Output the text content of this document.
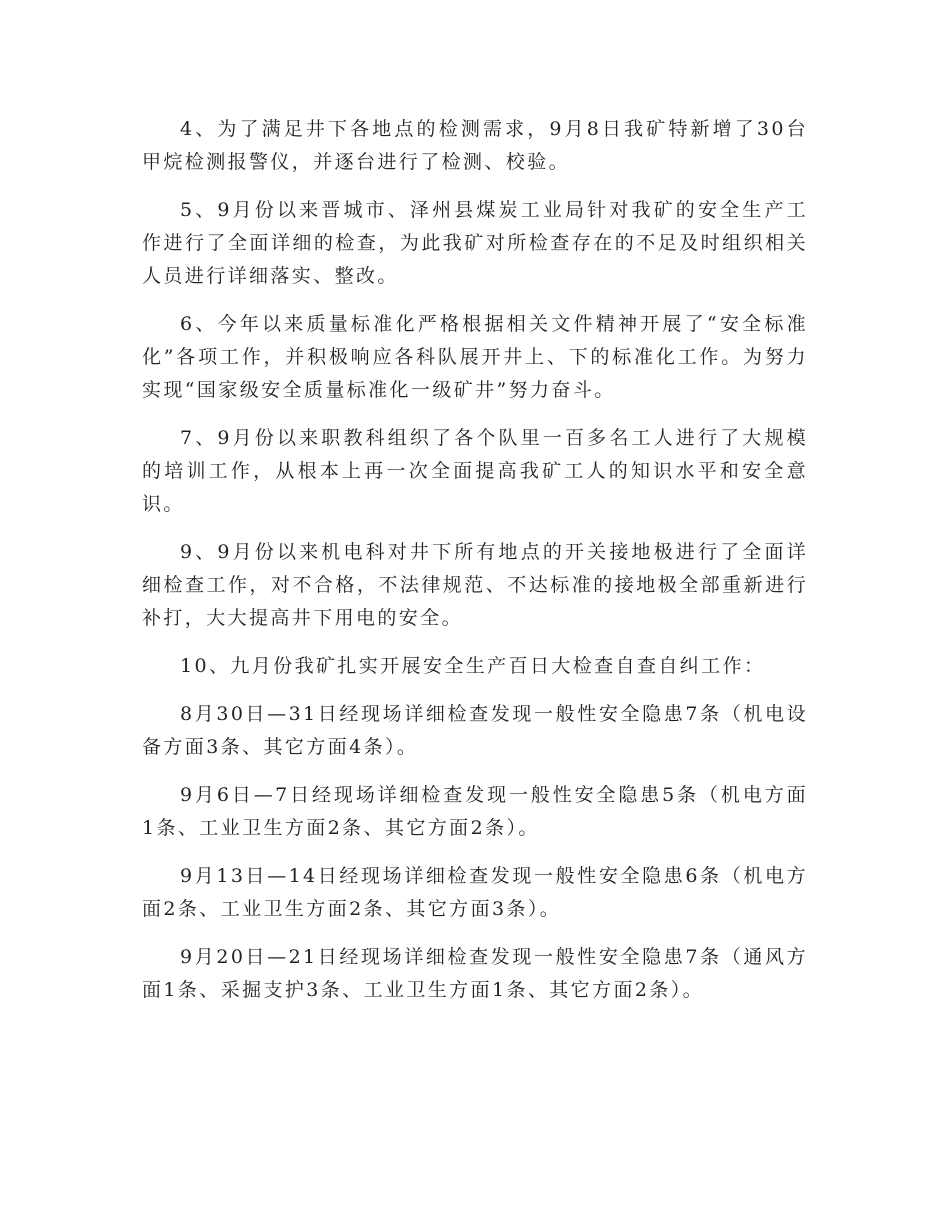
4、为了满足井下各地点的检测需求，9月8日我矿特新增了30台甲烷检测报警仪，并逐台进行了检测、校验。

5、9月份以来晋城市、泽州县煤炭工业局针对我矿的安全生产工作进行了全面详细的检查，为此我矿对所检查存在的不足及时组织相关人员进行详细落实、整改。

6、今年以来质量标准化严格根据相关文件精神开展了“安全标准化”各项工作，并积极响应各科队展开井上、下的标准化工作。为努力实现“国家级安全质量标准化一级矿井”努力奋斗。

7、9月份以来职教科组织了各个队里一百多名工人进行了大规模的培训工作，从根本上再一次全面提高我矿工人的知识水平和安全意识。

9、9月份以来机电科对井下所有地点的开关接地极进行了全面详细检查工作，对不合格，不法律规范、不达标准的接地极全部重新进行补打，大大提高井下用电的安全。

10、九月份我矿扎实开展安全生产百日大检查自查自纠工作：

8月30日—31日经现场详细检查发现一般性安全隐患7条（机电设备方面3条、其它方面4条）。

9月6日—7日经现场详细检查发现一般性安全隐患5条（机电方面1条、工业卫生方面2条、其它方面2条）。

9月13日—14日经现场详细检查发现一般性安全隐患6条（机电方面2条、工业卫生方面2条、其它方面3条）。

9月20日—21日经现场详细检查发现一般性安全隐患7条（通风方面1条、采掘支护3条、工业卫生方面1条、其它方面2条）。
